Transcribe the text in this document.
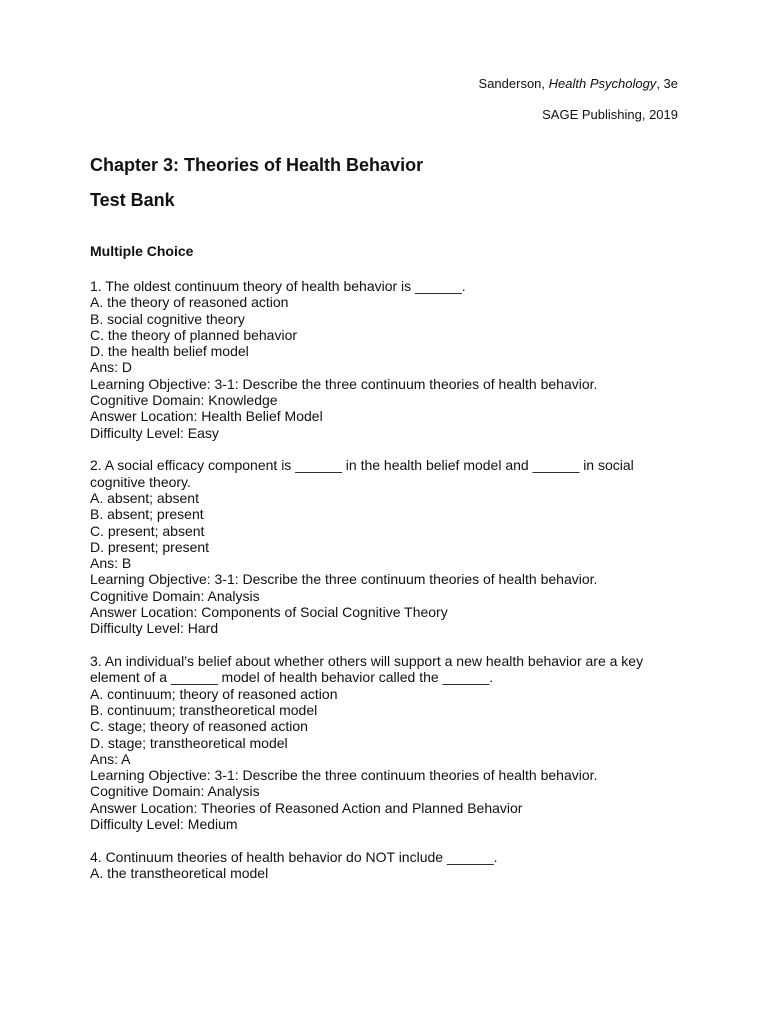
Sanderson, Health Psychology, 3e
SAGE Publishing, 2019
Chapter 3: Theories of Health Behavior
Test Bank
Multiple Choice
1. The oldest continuum theory of health behavior is ______.
A. the theory of reasoned action
B. social cognitive theory
C. the theory of planned behavior
D. the health belief model
Ans: D
Learning Objective: 3-1: Describe the three continuum theories of health behavior.
Cognitive Domain: Knowledge
Answer Location: Health Belief Model
Difficulty Level: Easy
2. A social efficacy component is ______ in the health belief model and ______ in social cognitive theory.
A. absent; absent
B. absent; present
C. present; absent
D. present; present
Ans: B
Learning Objective: 3-1: Describe the three continuum theories of health behavior.
Cognitive Domain: Analysis
Answer Location: Components of Social Cognitive Theory
Difficulty Level: Hard
3. An individual’s belief about whether others will support a new health behavior are a key element of a ______ model of health behavior called the ______.
A. continuum; theory of reasoned action
B. continuum; transtheoretical model
C. stage; theory of reasoned action
D. stage; transtheoretical model
Ans: A
Learning Objective: 3-1: Describe the three continuum theories of health behavior.
Cognitive Domain: Analysis
Answer Location: Theories of Reasoned Action and Planned Behavior
Difficulty Level: Medium
4. Continuum theories of health behavior do NOT include ______.
A. the transtheoretical model
